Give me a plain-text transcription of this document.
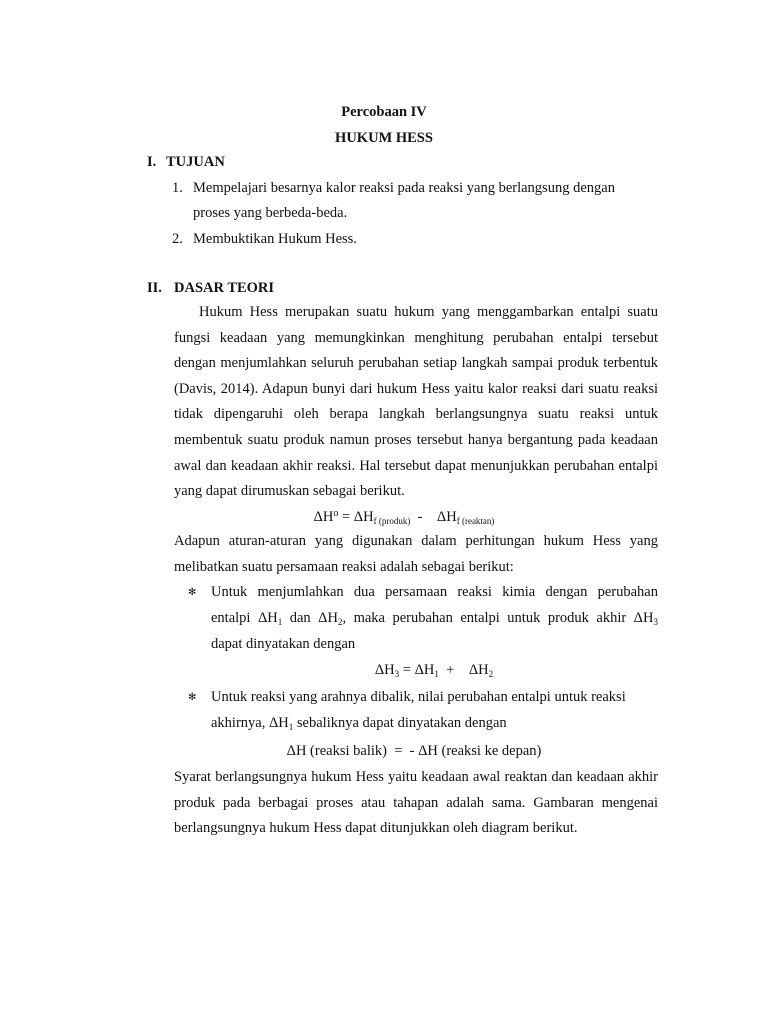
Percobaan IV
HUKUM HESS
I. TUJUAN
1. Mempelajari besarnya kalor reaksi pada reaksi yang berlangsung dengan
proses yang berbeda-beda.
2. Membuktikan Hukum Hess.
II. DASAR TEORI

Hukum Hess merupakan suatu hukum yang menggambarkan entalpi suatu fungsi keadaan yang memungkinkan menghitung perubahan entalpi tersebut dengan menjumlahkan seluruh perubahan setiap langkah sampai produk terbentuk (Davis, 2014). Adapun bunyi dari hukum Hess yaitu kalor reaksi dari suatu reaksi tidak dipengaruhi oleh berapa langkah berlangsungnya suatu reaksi untuk membentuk suatu produk namun proses tersebut hanya bergantung pada keadaan awal dan keadaan akhir reaksi. Hal tersebut dapat menunjukkan perubahan entalpi yang dapat dirumuskan sebagai berikut.

$\Delta H^o = \Delta H_{f (produk)}$  -    $\Delta H_{f (reaktan)}$

Adapun aturan-aturan yang digunakan dalam perhitungan hukum Hess yang melibatkan suatu persamaan reaksi adalah sebagai berikut:

✻ Untuk menjumlahkan dua persamaan reaksi kimia dengan perubahan
entalpi $\Delta H_1$ dan $\Delta H_2$, maka perubahan entalpi untuk produk akhir $\Delta H_3$
dapat dinyatakan dengan
$\Delta H_3 = \Delta H_1$  +    $\Delta H_2$
✻ Untuk reaksi yang arahnya dibalik, nilai perubahan entalpi untuk reaksi
akhirnya, $\Delta H_1$ sebaliknya dapat dinyatakan dengan
ΔH (reaksi balik)  =  - ΔH (reaksi ke depan)

Syarat berlangsungnya hukum Hess yaitu keadaan awal reaktan dan keadaan akhir produk pada berbagai proses atau tahapan adalah sama. Gambaran mengenai berlangsungnya hukum Hess dapat ditunjukkan oleh diagram berikut.
